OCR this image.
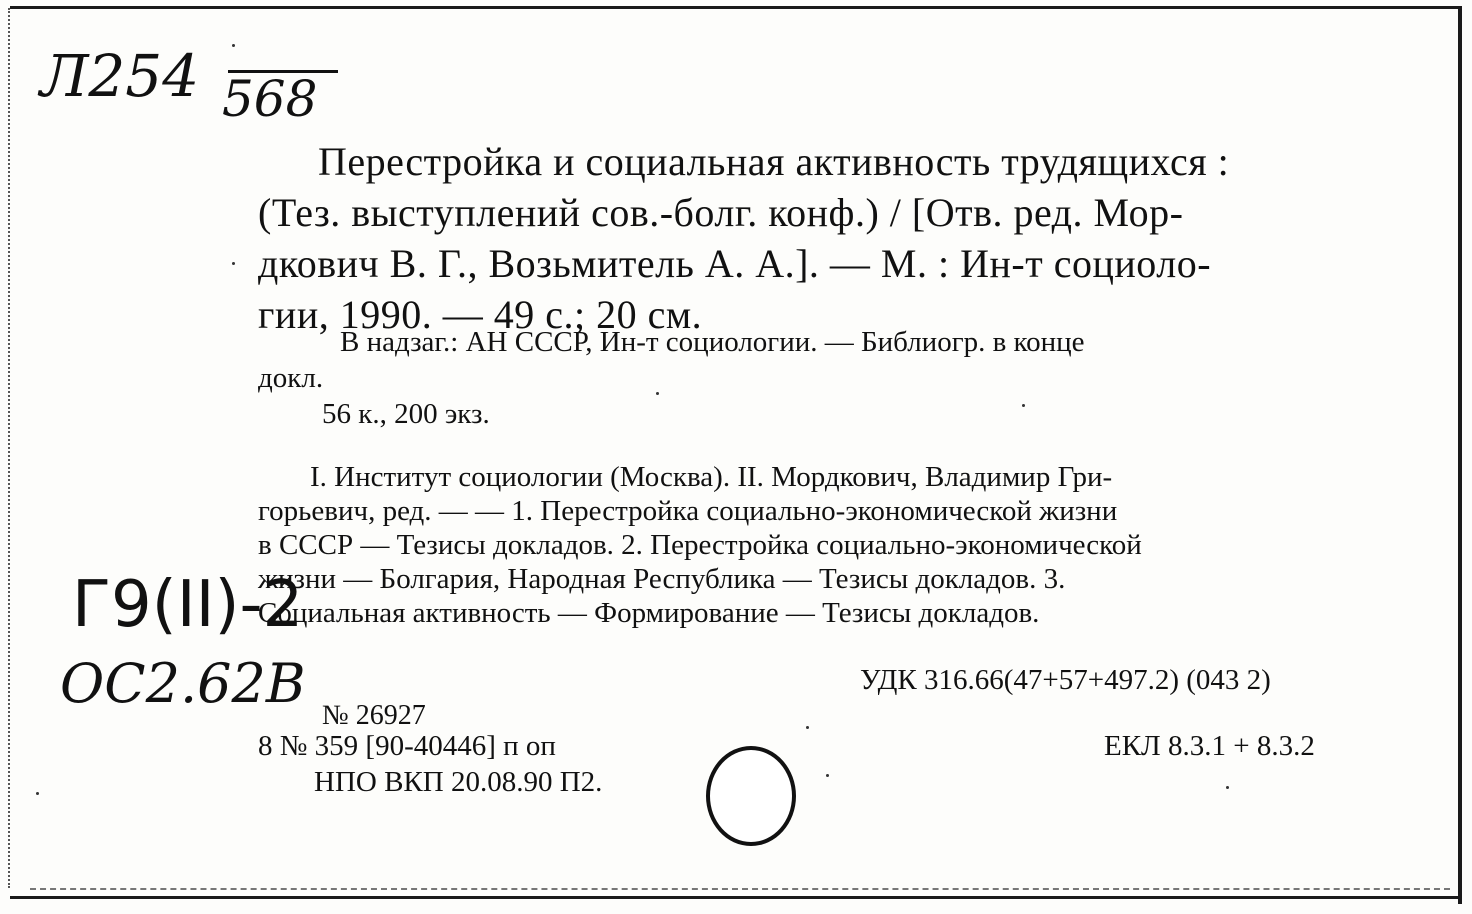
Л254 568
Перестройка и социальная активность трудящихся :
(Тез. выступлений сов.-болг. конф.) / [Отв. ред. Мор-
дкович В. Г., Возьмитель А. А.]. — М. : Ин-т социоло-
гии, 1990. — 49 с.; 20 см.
В надзаг.: АН СССР, Ин-т социологии. — Библиогр. в конце
докл.
56 к., 200 экз.
I. Институт социологии (Москва). II. Мордкович, Владимир Гри-
горьевич, ред. — — 1. Перестройка социально-экономической жизни
в СССР — Тезисы докладов. 2. Перестройка социально-экономической
жизни — Болгария, Народная Республика — Тезисы докладов. 3.
Социальная активность — Формирование — Тезисы докладов.
Г9(II)-2
ОС2.62В	УДК 316.66(47+57+497.2) (043 2)
№ 26927
8 № 359 [90-40446] п оп
НПО ВКП 20.08.90 П2.
ЕКЛ 8.3.1 + 8.3.2
